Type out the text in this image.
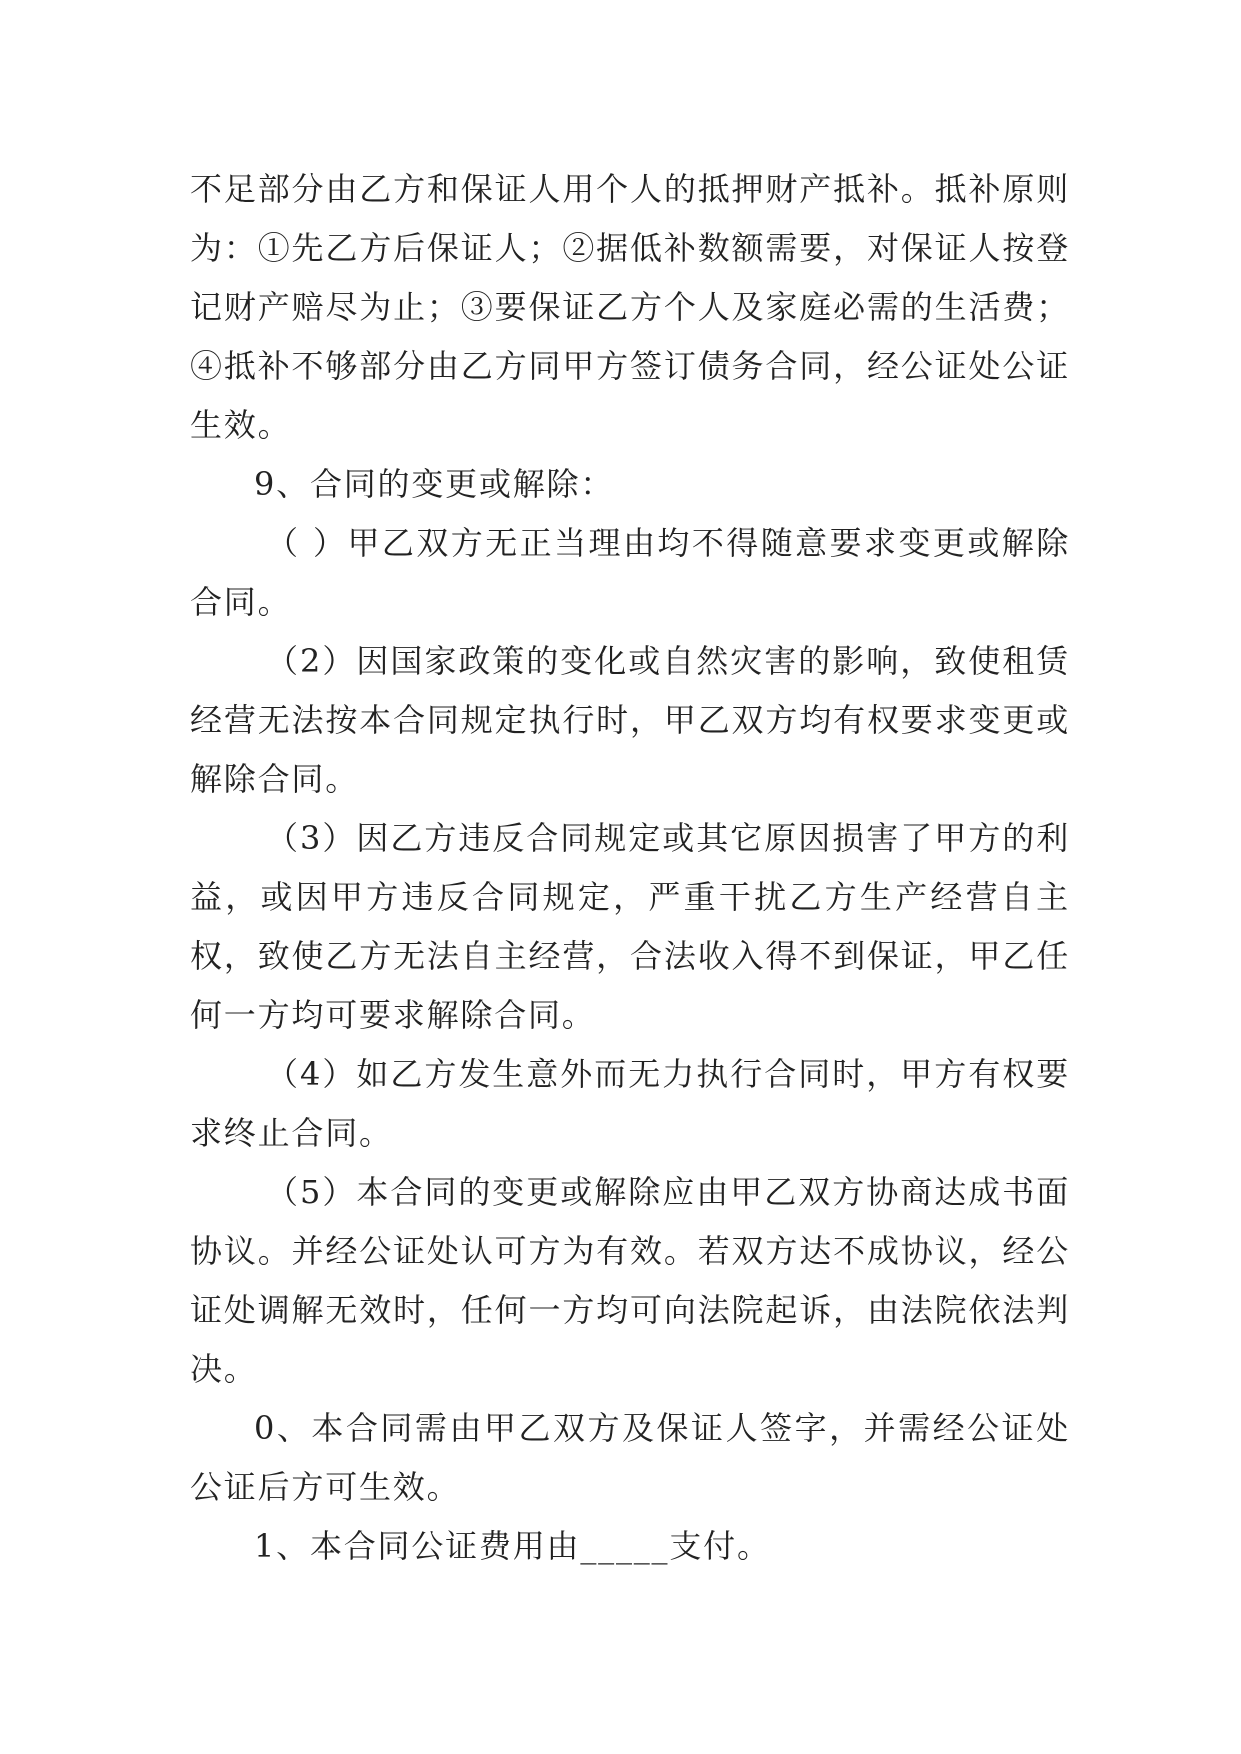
不足部分由乙方和保证人用个人的抵押财产抵补。抵补原则为：①先乙方后保证人；②据低补数额需要，对保证人按登记财产赔尽为止；③要保证乙方个人及家庭必需的生活费；④抵补不够部分由乙方同甲方签订债务合同，经公证处公证生效。

9、合同的变更或解除：

（ ）甲乙双方无正当理由均不得随意要求变更或解除合同。

（2）因国家政策的变化或自然灾害的影响，致使租赁经营无法按本合同规定执行时，甲乙双方均有权要求变更或解除合同。

（3）因乙方违反合同规定或其它原因损害了甲方的利益，或因甲方违反合同规定，严重干扰乙方生产经营自主权，致使乙方无法自主经营，合法收入得不到保证，甲乙任何一方均可要求解除合同。

（4）如乙方发生意外而无力执行合同时，甲方有权要求终止合同。

（5）本合同的变更或解除应由甲乙双方协商达成书面协议。并经公证处认可方为有效。若双方达不成协议，经公证处调解无效时，任何一方均可向法院起诉，由法院依法判决。

0、本合同需由甲乙双方及保证人签字，并需经公证处公证后方可生效。

1、本合同公证费用由_____支付。
